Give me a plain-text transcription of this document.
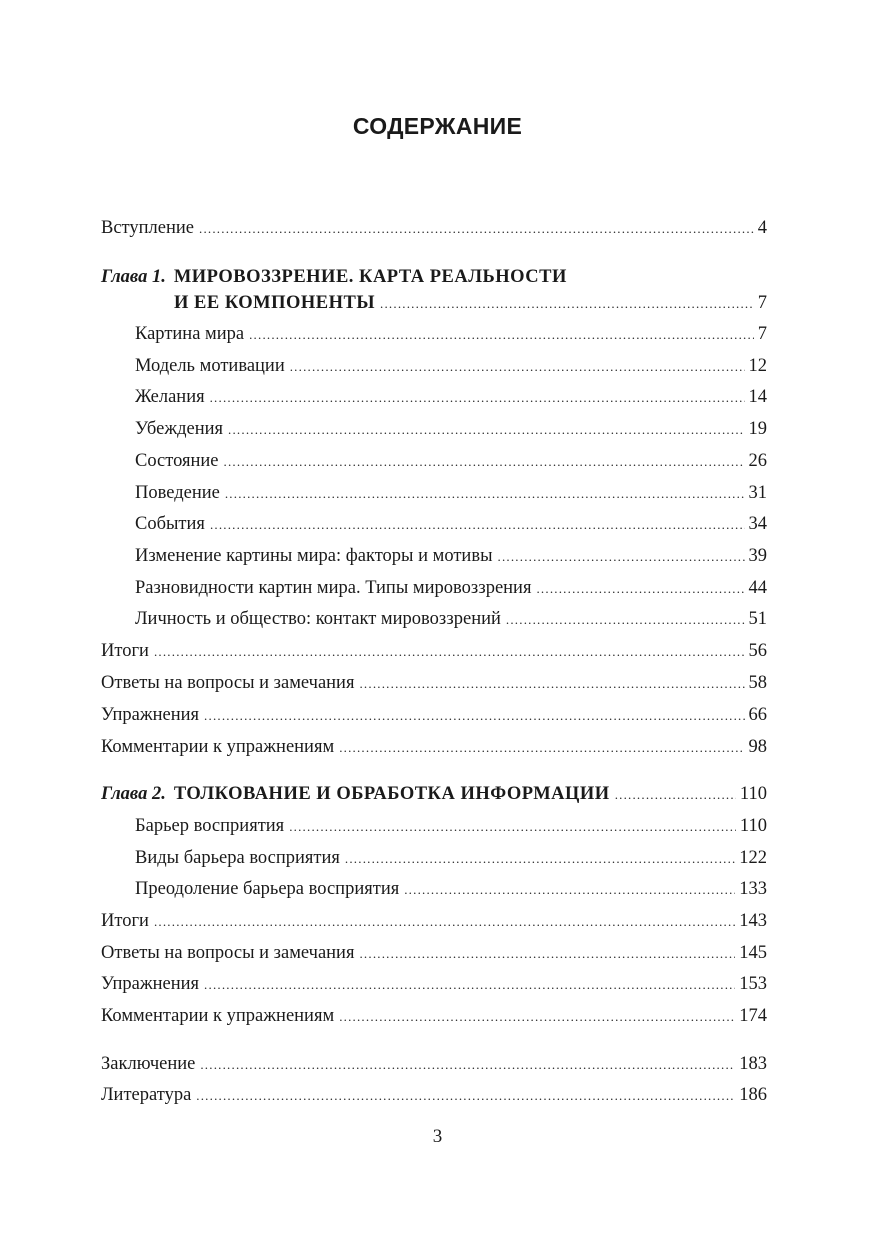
СОДЕРЖАНИЕ
Вступление .....	4
Глава 1. МИРОВОЗЗРЕНИЕ. КАРТА РЕАЛЬНОСТИ
И ЕЕ КОМПОНЕНТЫ .....	7
Картина мира .....	7
Модель мотивации .....	12
Желания .....	14
Убеждения .....	19
Состояние .....	26
Поведение .....	31
События .....	34
Изменение картины мира: факторы и мотивы .....	39
Разновидности картин мира. Типы мировоззрения .....	44
Личность и общество: контакт мировоззрений .....	51
Итоги .....	56
Ответы на вопросы и замечания .....	58
Упражнения .....	66
Комментарии к упражнениям .....	98
Глава 2. ТОЛКОВАНИЕ И ОБРАБОТКА ИНФОРМАЦИИ .....	110
Барьер восприятия .....	110
Виды барьера восприятия .....	122
Преодоление барьера восприятия .....	133
Итоги .....	143
Ответы на вопросы и замечания .....	145
Упражнения .....	153
Комментарии к упражнениям .....	174
Заключение .....	183
Литература .....	186
3
